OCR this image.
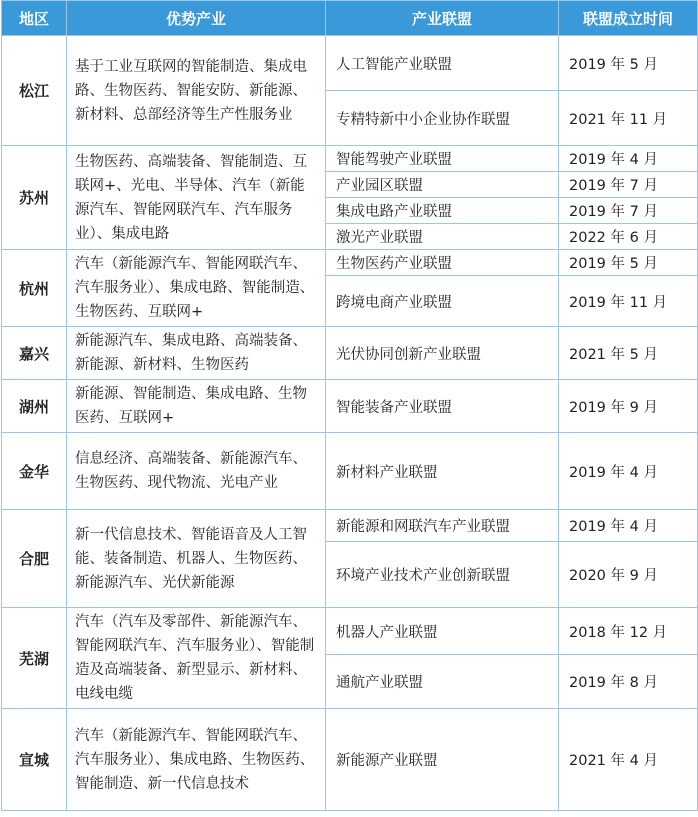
地区	优势产业	产业联盟	联盟成立时间
松江	基于工业互联网的智能制造、集成电路、生物医药、智能安防、新能源、新材料、总部经济等生产性服务业	人工智能产业联盟	2019 年 5 月
		专精特新中小企业协作联盟	2021 年 11 月
苏州	生物医药、高端装备、智能制造、互联网+、光电、半导体、汽车（新能源汽车、智能网联汽车、汽车服务业）、集成电路	智能驾驶产业联盟	2019 年 4 月
		产业园区联盟	2019 年 7 月
		集成电路产业联盟	2019 年 7 月
		激光产业联盟	2022 年 6 月
杭州	汽车（新能源汽车、智能网联汽车、汽车服务业）、集成电路、智能制造、生物医药、互联网+	生物医药产业联盟	2019 年 5 月
		跨境电商产业联盟	2019 年 11 月
嘉兴	新能源汽车、集成电路、高端装备、新能源、新材料、生物医药	光伏协同创新产业联盟	2021 年 5 月
湖州	新能源、智能制造、集成电路、生物医药、互联网+	智能装备产业联盟	2019 年 9 月
金华	信息经济、高端装备、新能源汽车、生物医药、现代物流、光电产业	新材料产业联盟	2019 年 4 月
合肥	新一代信息技术、智能语音及人工智能、装备制造、机器人、生物医药、新能源汽车、光伏新能源	新能源和网联汽车产业联盟	2019 年 4 月
		环境产业技术产业创新联盟	2020 年 9 月
芜湖	汽车（汽车及零部件、新能源汽车、智能网联汽车、汽车服务业）、智能制造及高端装备、新型显示、新材料、电线电缆	机器人产业联盟	2018 年 12 月
		通航产业联盟	2019 年 8 月
宣城	汽车（新能源汽车、智能网联汽车、汽车服务业）、集成电路、生物医药、智能制造、新一代信息技术	新能源产业联盟	2021 年 4 月
